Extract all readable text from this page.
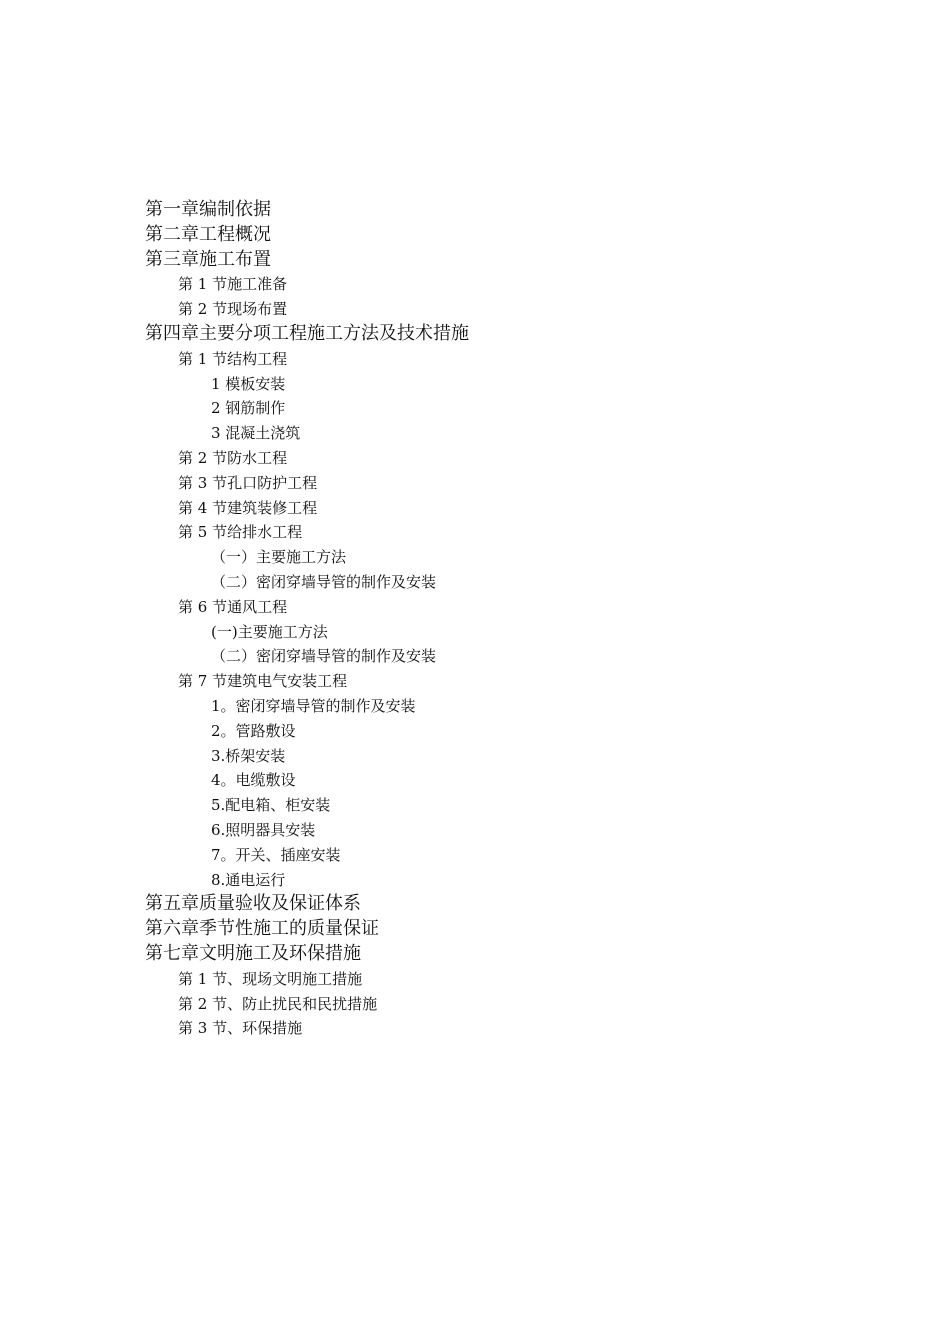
第一章编制依据
第二章工程概况
第三章施工布置
第 1 节施工准备
第 2 节现场布置
第四章主要分项工程施工方法及技术措施
第 1 节结构工程
1 模板安装
2 钢筋制作
3 混凝土浇筑
第 2 节防水工程
第 3 节孔口防护工程
第 4 节建筑装修工程
第 5 节给排水工程
（一）主要施工方法
（二）密闭穿墙导管的制作及安装
第 6 节通风工程
(一)主要施工方法
（二）密闭穿墙导管的制作及安装
第 7 节建筑电气安装工程
1。密闭穿墙导管的制作及安装
2。管路敷设
3.桥架安装
4。电缆敷设
5.配电箱、柜安装
6.照明器具安装
7。开关、插座安装
8.通电运行
第五章质量验收及保证体系
第六章季节性施工的质量保证
第七章文明施工及环保措施
第 1 节、现场文明施工措施
第 2 节、防止扰民和民扰措施
第 3 节、环保措施
